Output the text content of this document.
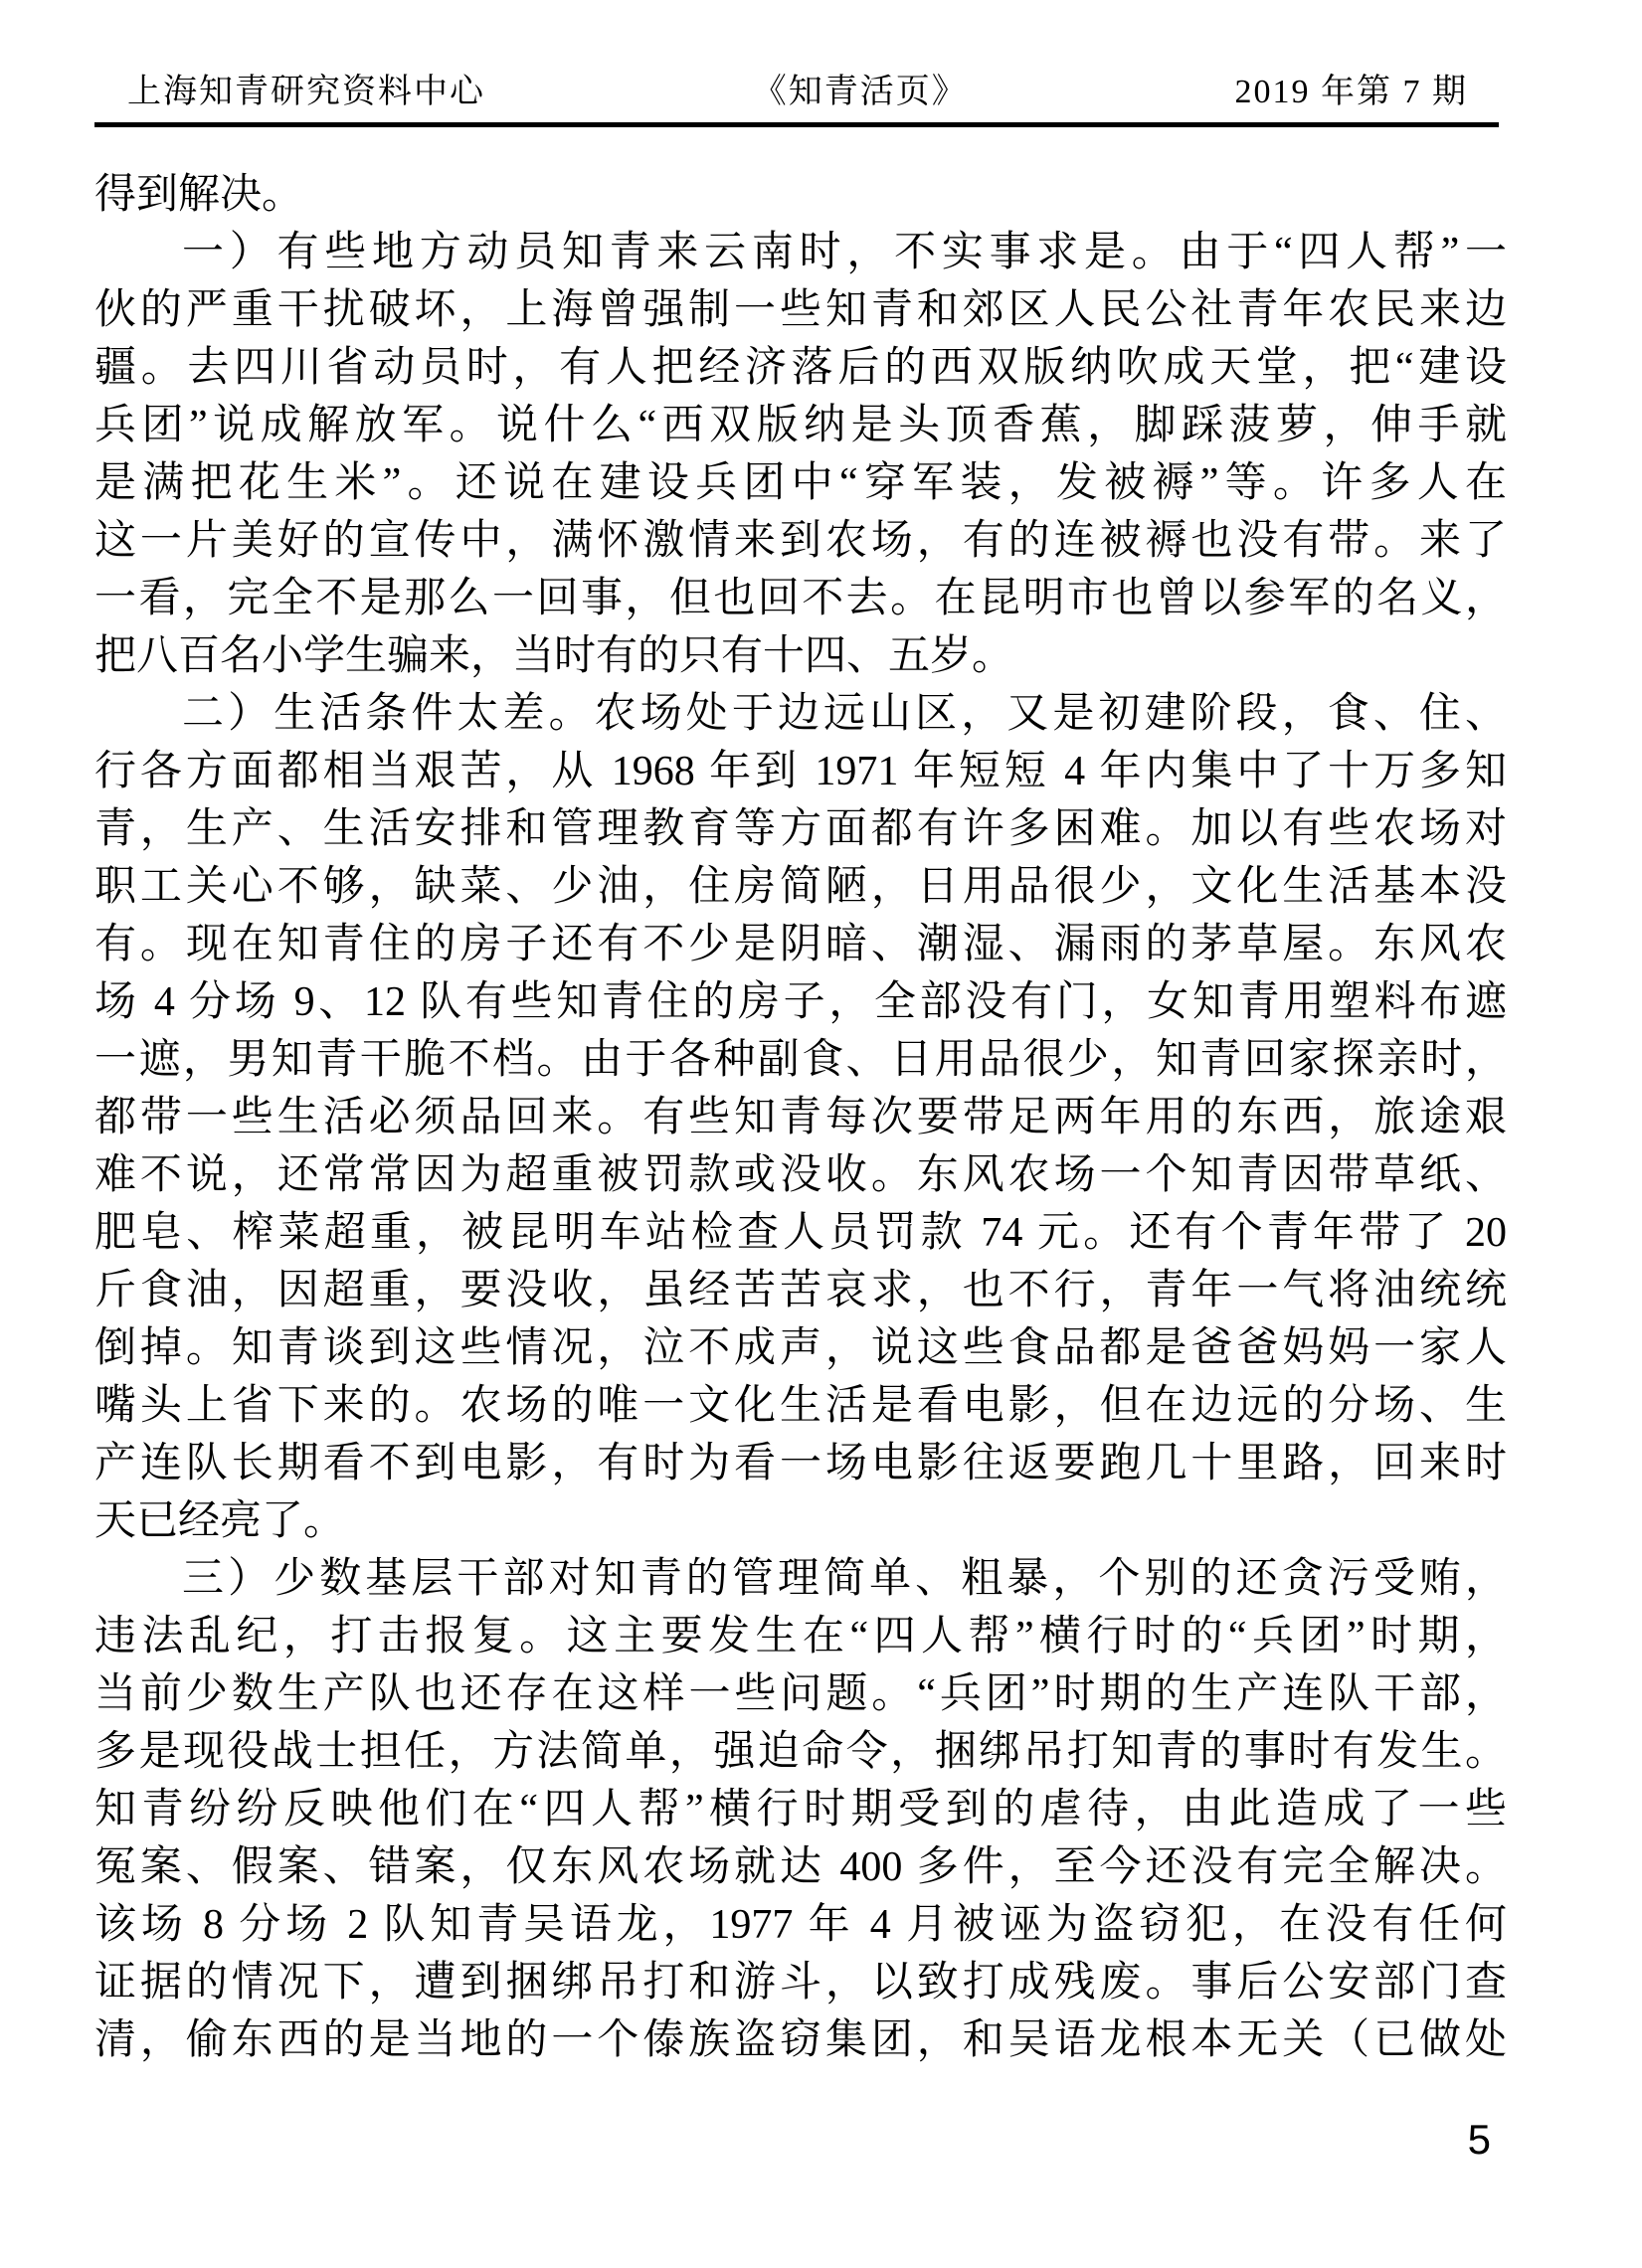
上海知青研究资料中心	《知青活页》	2019 年第 7 期
得到解决。
一）有些地方动员知青来云南时，不实事求是。由于“四人帮”一
伙的严重干扰破坏，上海曾强制一些知青和郊区人民公社青年农民来边
疆。去四川省动员时，有人把经济落后的西双版纳吹成天堂，把“建设
兵团”说成解放军。说什么“西双版纳是头顶香蕉，脚踩菠萝，伸手就
是满把花生米”。还说在建设兵团中“穿军装，发被褥”等。许多人在
这一片美好的宣传中，满怀激情来到农场，有的连被褥也没有带。来了
一看，完全不是那么一回事，但也回不去。在昆明市也曾以参军的名义，
把八百名小学生骗来，当时有的只有十四、五岁。
二）生活条件太差。农场处于边远山区，又是初建阶段，食、住、
行各方面都相当艰苦，从 1968 年到 1971 年短短 4 年内集中了十万多知
青，生产、生活安排和管理教育等方面都有许多困难。加以有些农场对
职工关心不够，缺菜、少油，住房简陋，日用品很少，文化生活基本没
有。现在知青住的房子还有不少是阴暗、潮湿、漏雨的茅草屋。东风农
场 4 分场 9、12 队有些知青住的房子，全部没有门，女知青用塑料布遮
一遮，男知青干脆不档。由于各种副食、日用品很少，知青回家探亲时，
都带一些生活必须品回来。有些知青每次要带足两年用的东西，旅途艰
难不说，还常常因为超重被罚款或没收。东风农场一个知青因带草纸、
肥皂、榨菜超重，被昆明车站检查人员罚款 74 元。还有个青年带了 20
斤食油，因超重，要没收，虽经苦苦哀求，也不行，青年一气将油统统
倒掉。知青谈到这些情况，泣不成声，说这些食品都是爸爸妈妈一家人
嘴头上省下来的。农场的唯一文化生活是看电影，但在边远的分场、生
产连队长期看不到电影，有时为看一场电影往返要跑几十里路，回来时
天已经亮了。
三）少数基层干部对知青的管理简单、粗暴，个别的还贪污受贿，
违法乱纪，打击报复。这主要发生在“四人帮”横行时的“兵团”时期，
当前少数生产队也还存在这样一些问题。“兵团”时期的生产连队干部，
多是现役战士担任，方法简单，强迫命令，捆绑吊打知青的事时有发生。
知青纷纷反映他们在“四人帮”横行时期受到的虐待，由此造成了一些
冤案、假案、错案，仅东风农场就达 400 多件，至今还没有完全解决。
该场 8 分场 2 队知青吴语龙，1977 年 4 月被诬为盗窃犯，在没有任何
证据的情况下，遭到捆绑吊打和游斗，以致打成残废。事后公安部门查
清，偷东西的是当地的一个傣族盗窃集团，和吴语龙根本无关（已做处
5
